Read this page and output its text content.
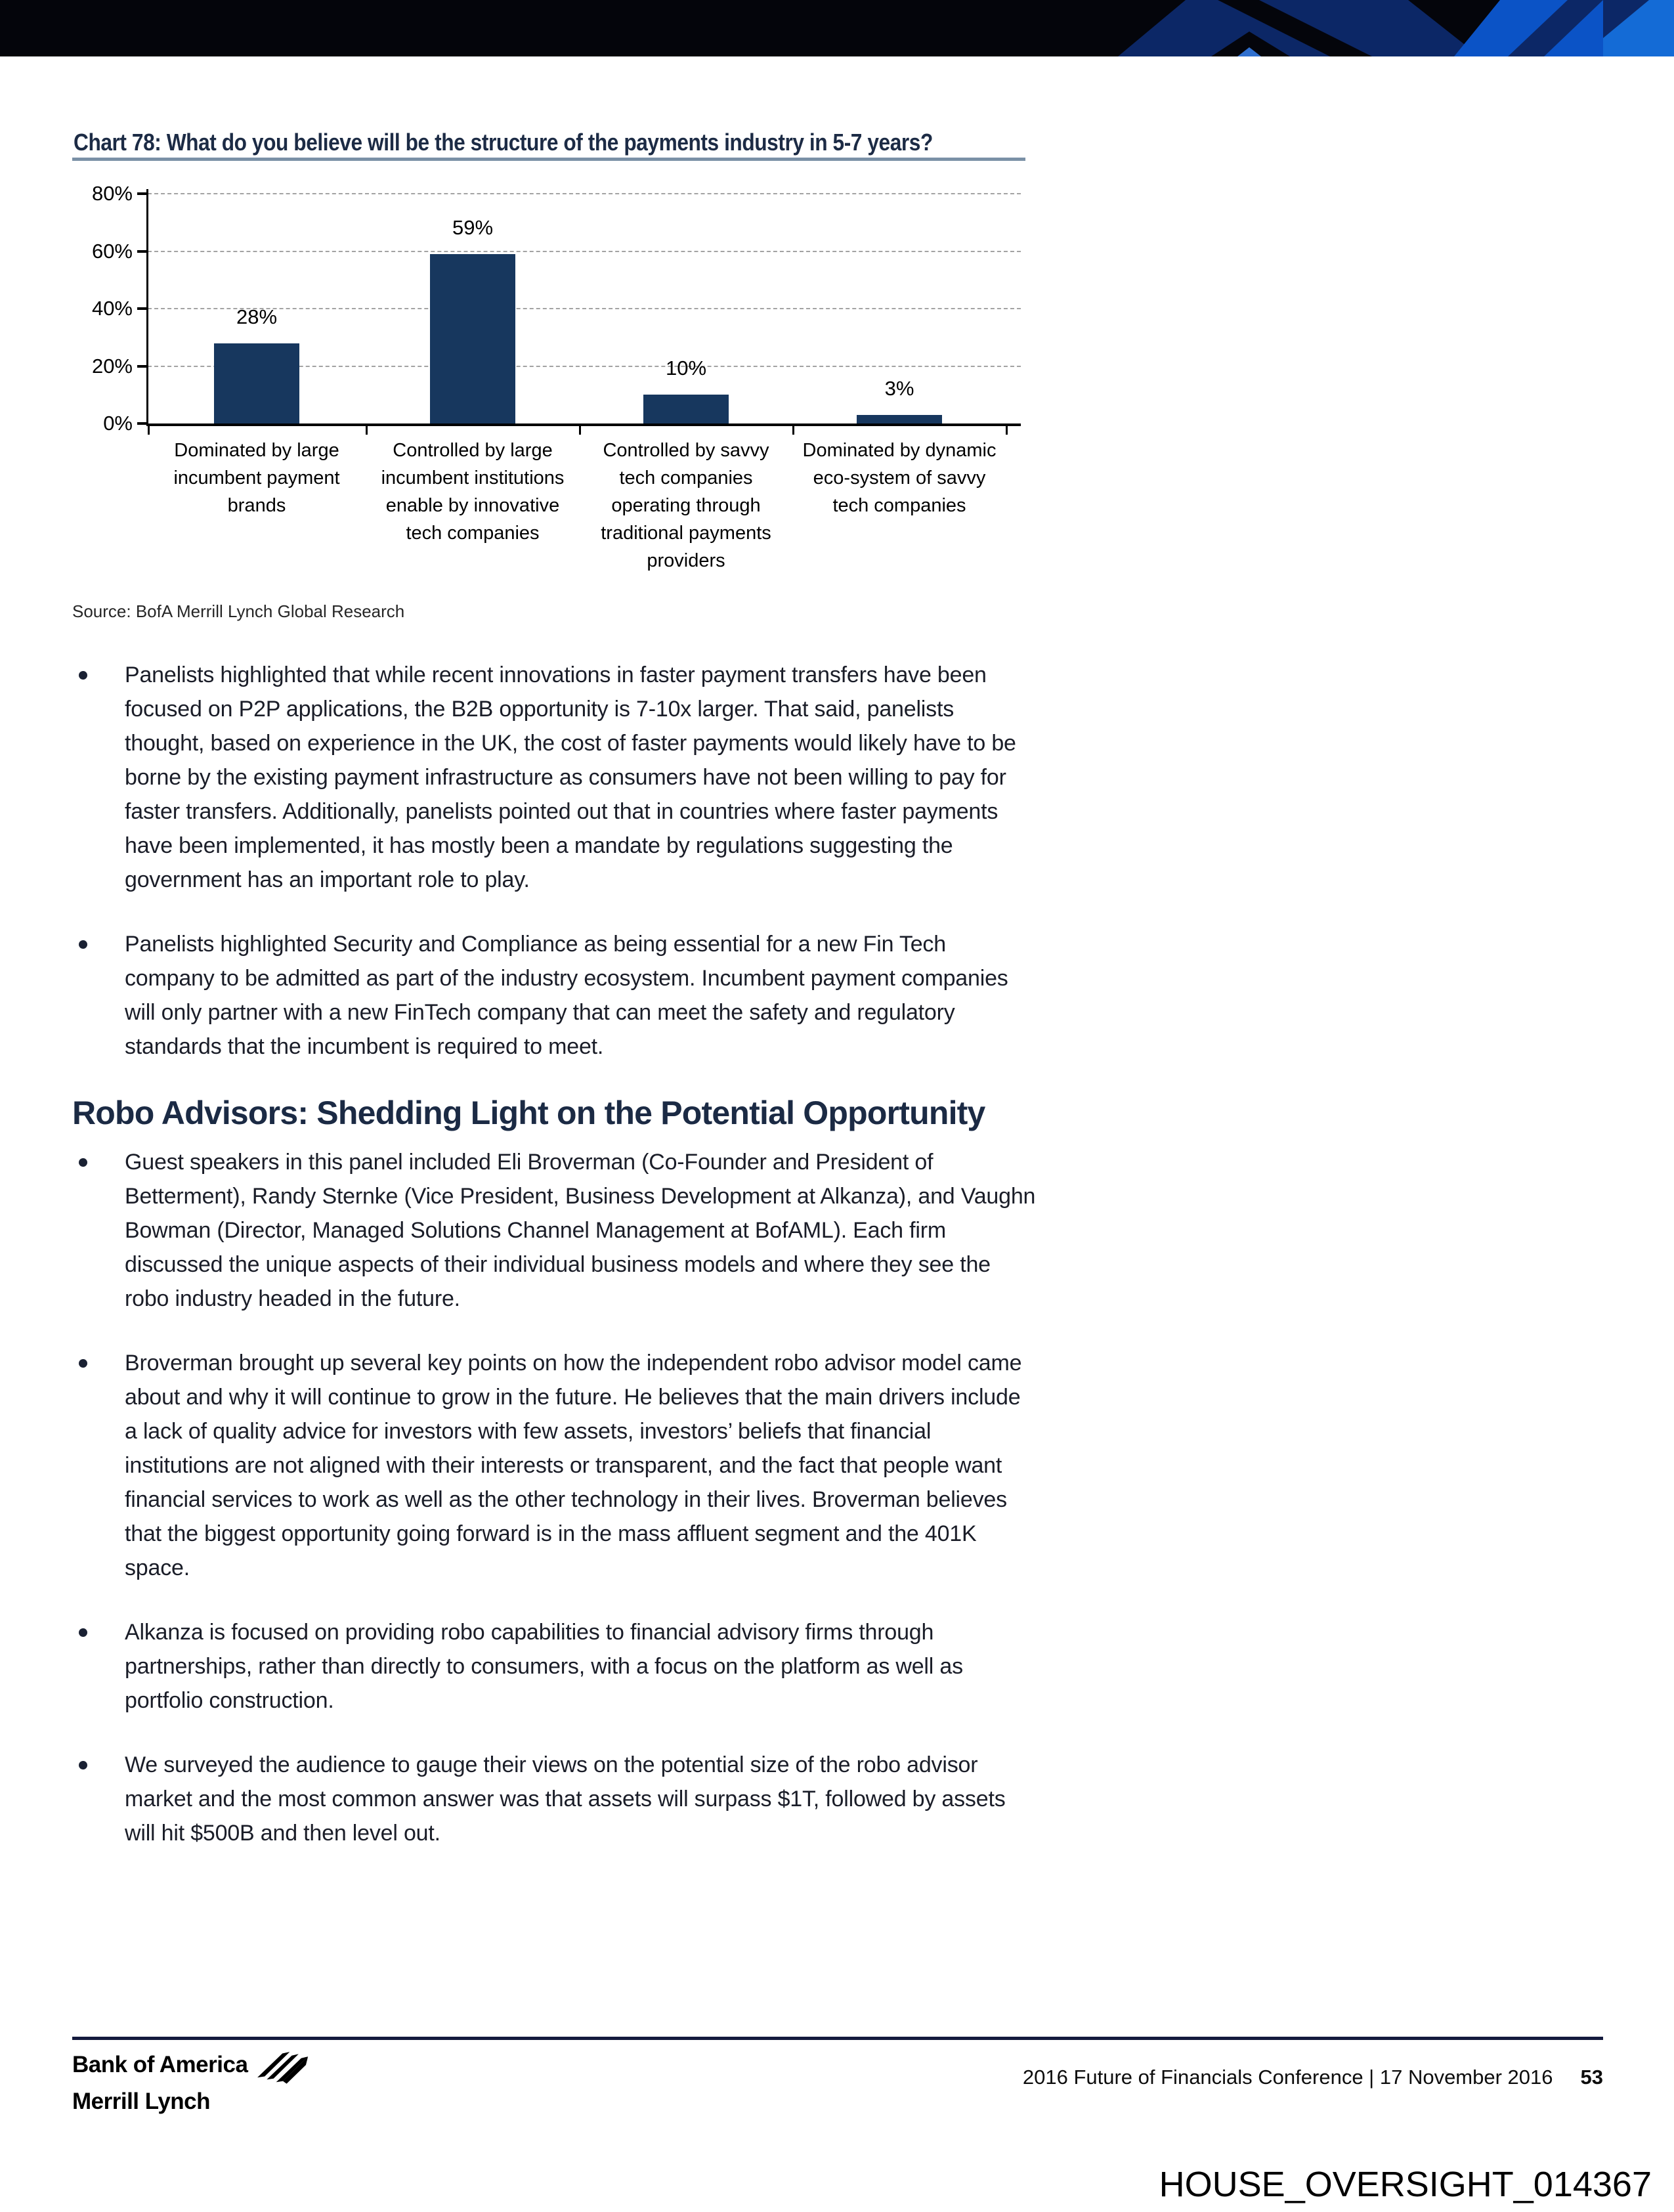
Chart 78: What do you believe will be the structure of the payments industry in 5-7 years?
0%
20%
40%
60%
80%
28%
Dominated by large incumbent payment brands
59%
Controlled by large incumbent institutions enable by innovative tech companies
10%
Controlled by savvy tech companies operating through traditional payments providers
3%
Dominated by dynamic eco-system of savvy tech companies
Source: BofA Merrill Lynch Global Research
Panelists highlighted that while recent innovations in faster payment transfers have been focused on P2P applications, the B2B opportunity is 7-10x larger. That said, panelists thought, based on experience in the UK, the cost of faster payments would likely have to be borne by the existing payment infrastructure as consumers have not been willing to pay for faster transfers. Additionally, panelists pointed out that in countries where faster payments have been implemented, it has mostly been a mandate by regulations suggesting the government has an important role to play.
Panelists highlighted Security and Compliance as being essential for a new Fin Tech company to be admitted as part of the industry ecosystem. Incumbent payment companies will only partner with a new FinTech company that can meet the safety and regulatory standards that the incumbent is required to meet.
Robo Advisors: Shedding Light on the Potential Opportunity
Guest speakers in this panel included Eli Broverman (Co-Founder and President of Betterment), Randy Sternke (Vice President, Business Development at Alkanza), and Vaughn Bowman (Director, Managed Solutions Channel Management at BofAML). Each firm discussed the unique aspects of their individual business models and where they see the robo industry headed in the future.
Broverman brought up several key points on how the independent robo advisor model came about and why it will continue to grow in the future. He believes that the main drivers include a lack of quality advice for investors with few assets, investors’ beliefs that financial institutions are not aligned with their interests or transparent, and the fact that people want financial services to work as well as the other technology in their lives. Broverman believes that the biggest opportunity going forward is in the mass affluent segment and the 401K space.
Alkanza is focused on providing robo capabilities to financial advisory firms through partnerships, rather than directly to consumers, with a focus on the platform as well as portfolio construction.
We surveyed the audience to gauge their views on the potential size of the robo advisor market and the most common answer was that assets will surpass $1T, followed by assets will hit $500B and then level out.
Bank of America
Merrill Lynch
2016 Future of Financials Conference | 17 November 2016 53
HOUSE_OVERSIGHT_014367
